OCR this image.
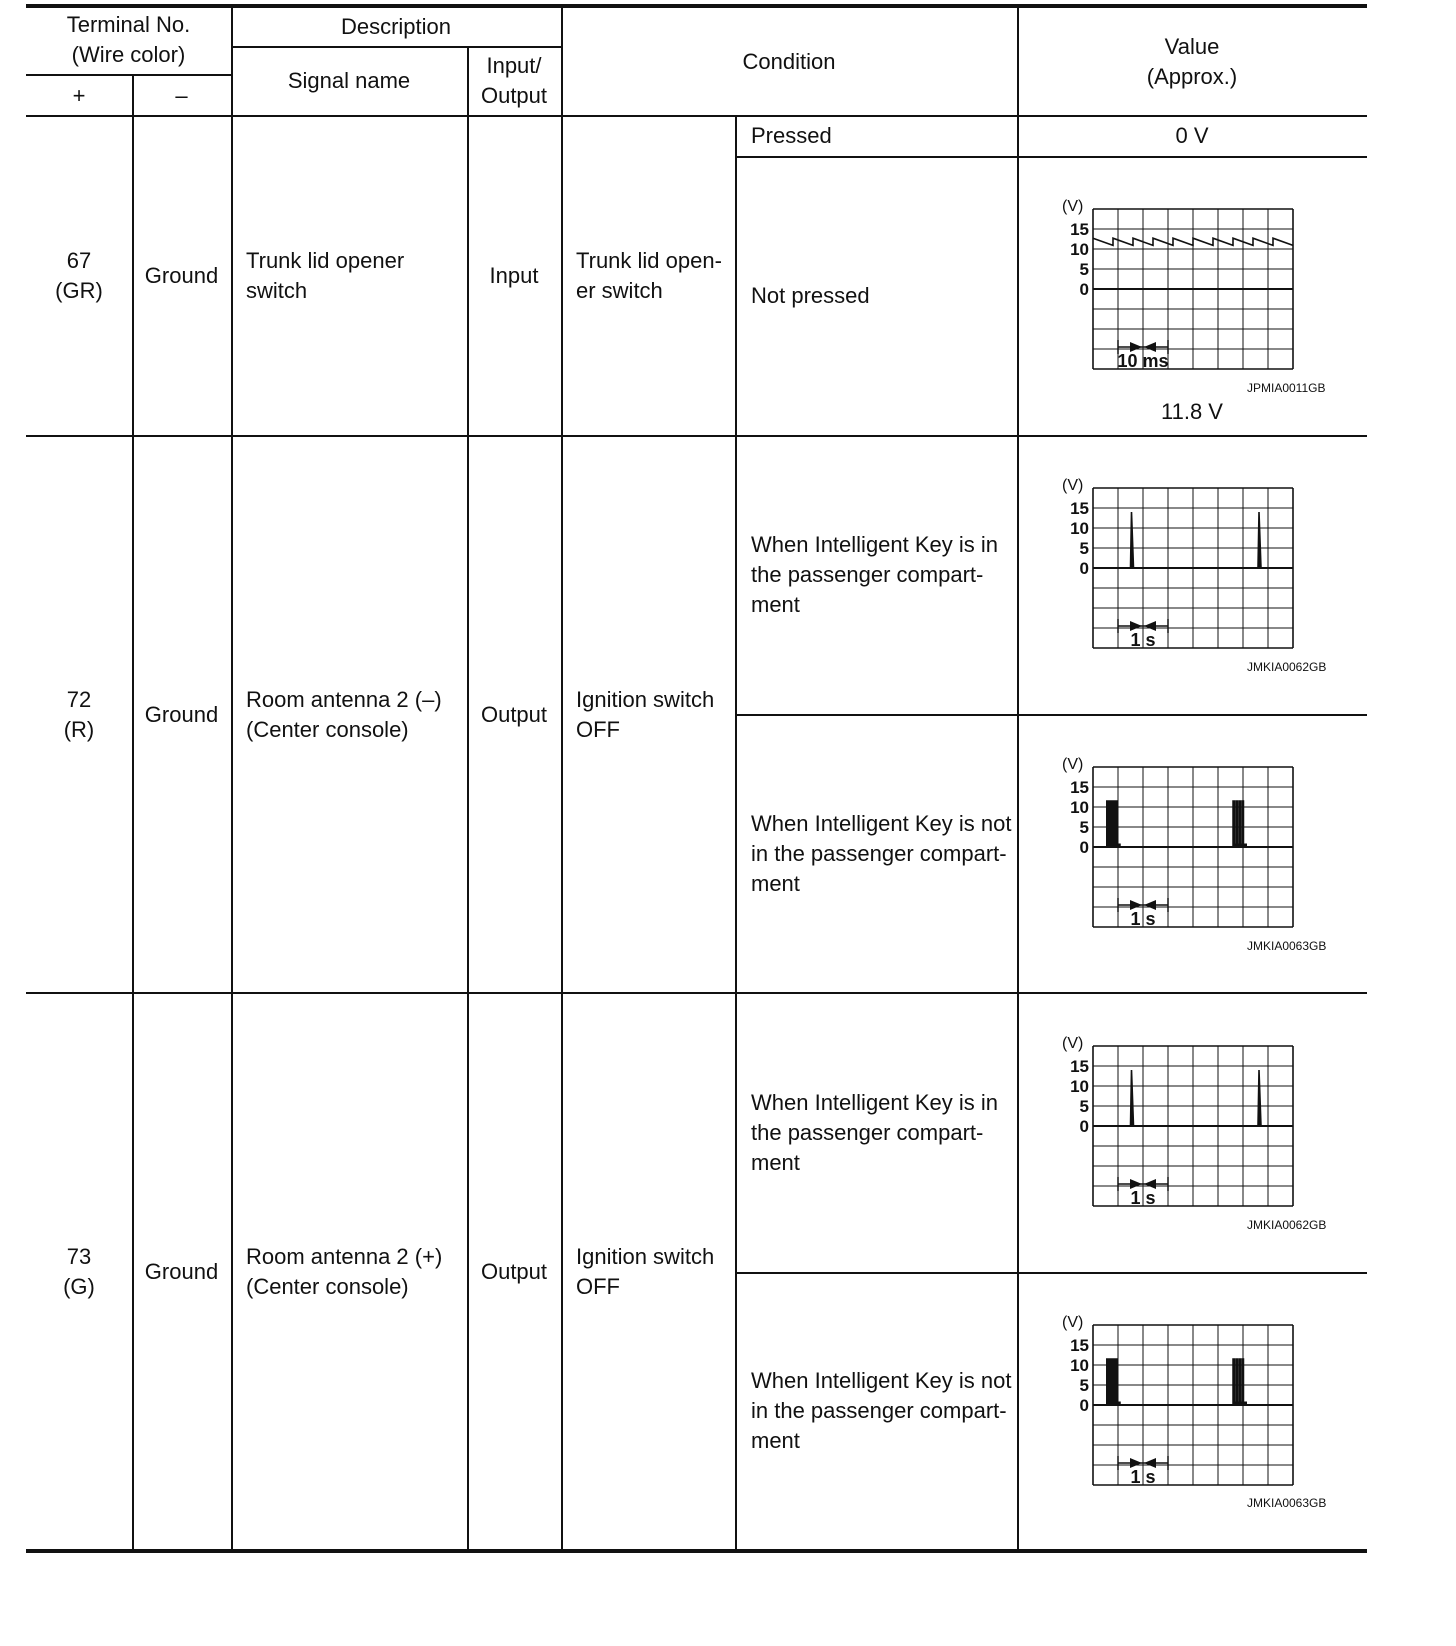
Terminal No.
(Wire color)
+	–
Description
Signal name
Input/
Output
Condition
Value
(Approx.)
67
(GR)
Ground
Trunk lid opener
switch
Input
Trunk lid open-
er switch
Pressed	0 V
Not pressed
(V)
15
10
5
0
10 ms
JPMIA0011GB
11.8 V
72
(R)
Ground
Room antenna 2 (–)
(Center console)
Output
Ignition switch
OFF
When Intelligent Key is in
the passenger compart-
ment
(V)
15
10
5
0
1 s
JMKIA0062GB
When Intelligent Key is not
in the passenger compart-
ment
(V)
15
10
5
0
1 s
JMKIA0063GB
73
(G)
Ground
Room antenna 2 (+)
(Center console)
Output
Ignition switch
OFF
When Intelligent Key is in
the passenger compart-
ment
(V)
15
10
5
0
1 s
JMKIA0062GB
When Intelligent Key is not
in the passenger compart-
ment
(V)
15
10
5
0
1 s
JMKIA0063GB
